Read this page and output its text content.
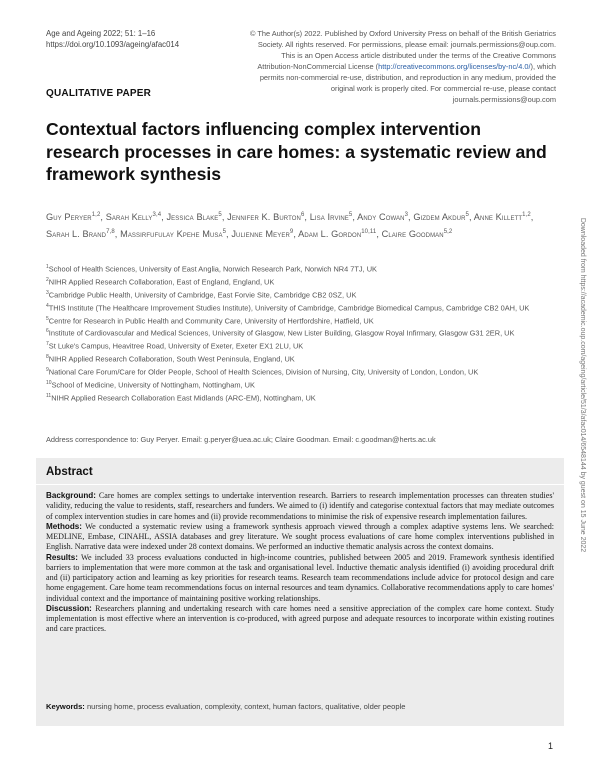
Age and Ageing 2022; 51: 1–16
https://doi.org/10.1093/ageing/afac014
© The Author(s) 2022. Published by Oxford University Press on behalf of the British Geriatrics Society. All rights reserved. For permissions, please email: journals.permissions@oup.com. This is an Open Access article distributed under the terms of the Creative Commons Attribution-NonCommercial License (http://creativecommons.org/licenses/by-nc/4.0/), which permits non-commercial re-use, distribution, and reproduction in any medium, provided the original work is properly cited. For commercial re-use, please contact journals.permissions@oup.com
QUALITATIVE PAPER
Contextual factors influencing complex intervention research processes in care homes: a systematic review and framework synthesis
Guy Peryer$^{1,2}$, Sarah Kelly$^{3,4}$, Jessica Blake$^5$, Jennifer K. Burton$^6$, Lisa Irvine$^5$, Andy Cowan$^3$, Gizdem Akdur$^5$, Anne Killett$^{1,2}$, Sarah L. Brand$^{7,8}$, Massirfufulay Kpehe Musa$^5$, Julienne Meyer$^9$, Adam L. Gordon$^{10,11}$, Claire Goodman$^{5,2}$
$^1$School of Health Sciences, University of East Anglia, Norwich Research Park, Norwich NR4 7TJ, UK
$^2$NIHR Applied Research Collaboration, East of England, England, UK
$^3$Cambridge Public Health, University of Cambridge, East Forvie Site, Cambridge CB2 0SZ, UK
$^4$THIS Institute (The Healthcare Improvement Studies Institute), University of Cambridge, Cambridge Biomedical Campus, Cambridge CB2 0AH, UK
$^5$Centre for Research in Public Health and Community Care, University of Hertfordshire, Hatfield, UK
$^6$Institute of Cardiovascular and Medical Sciences, University of Glasgow, New Lister Building, Glasgow Royal Infirmary, Glasgow G31 2ER, UK
$^7$St Luke's Campus, Heavitree Road, University of Exeter, Exeter EX1 2LU, UK
$^8$NIHR Applied Research Collaboration, South West Peninsula, England, UK
$^9$National Care Forum/Care for Older People, School of Health Sciences, Division of Nursing, City, University of London, London, UK
$^{10}$School of Medicine, University of Nottingham, Nottingham, UK
$^{11}$NIHR Applied Research Collaboration East Midlands (ARC-EM), Nottingham, UK
Address correspondence to: Guy Peryer. Email: g.peryer@uea.ac.uk; Claire Goodman. Email: c.goodman@herts.ac.uk
Abstract

Background: Care homes are complex settings to undertake intervention research. Barriers to research implementation processes can threaten studies' validity, reducing the value to residents, staff, researchers and funders. We aimed to (i) identify and categorise contextual factors that may mediate outcomes of complex intervention studies in care homes and (ii) provide recommendations to minimise the risk of expensive research implementation failures.

Methods: We conducted a systematic review using a framework synthesis approach viewed through a complex adaptive systems lens. We searched: MEDLINE, Embase, CINAHL, ASSIA databases and grey literature. We sought process evaluations of care home complex interventions published in English. Narrative data were indexed under 28 context domains. We performed an inductive thematic analysis across the context domains.

Results: We included 33 process evaluations conducted in high-income countries, published between 2005 and 2019. Framework synthesis identified barriers to implementation that were more common at the task and organisational level. Inductive thematic analysis identified (i) avoiding procedural drift and (ii) participatory action and learning as key priorities for research teams. Research team recommendations include advice for protocol design and care home engagement. Care home team recommendations focus on internal resources and team dynamics. Collaborative recommendations apply to care homes' individual context and the importance of maintaining positive working relationships.

Discussion: Researchers planning and undertaking research with care homes need a sensitive appreciation of the complex care home context. Study implementation is most effective where an intervention is co-produced, with agreed purpose and adequate resources to incorporate within existing routines and care practices.

Keywords: nursing home, process evaluation, complexity, context, human factors, qualitative, older people
Downloaded from https://academic.oup.com/ageing/article/51/3/afac014/6548144 by guest on 15 June 2022
1
